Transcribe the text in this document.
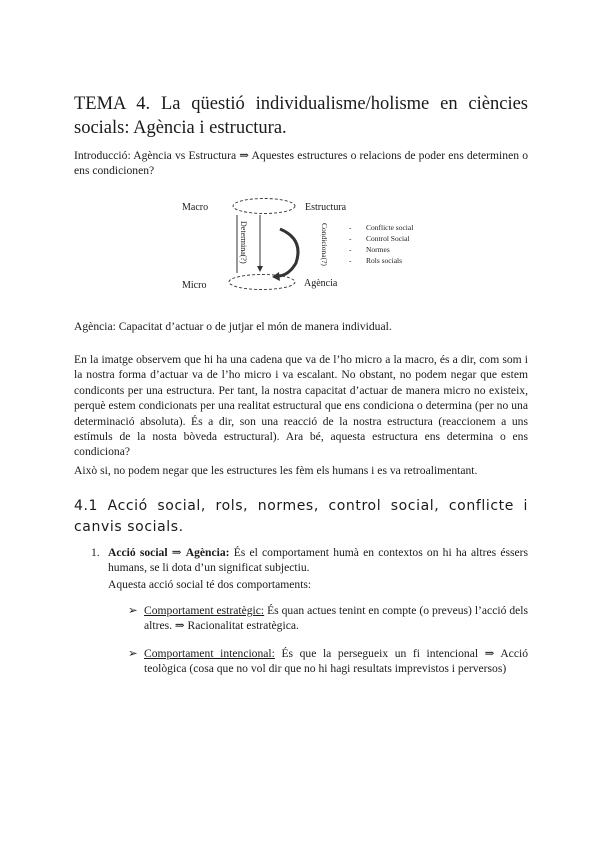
TEMA 4. La qüestió individualisme/holisme en ciències socials: Agència i estructura.

Introducció: Agència vs Estructura ⇒ Aquestes estructures o relacions de poder ens determinen o ens condicionen?

Macro	Estructura
Determina(?)	Condiciona(?)
Micro	Agència
- Conflicte social
- Control Social
- Normes
- Rols socials

Agència: Capacitat d’actuar o de jutjar el món de manera individual.

En la imatge observem que hi ha una cadena que va de l’ho micro a la macro, és a dir, com som i la nostra forma d’actuar va de l’ho micro i va escalant. No obstant, no podem negar que estem condiconts per una estructura. Per tant, la nostra capacitat d’actuar de manera micro no existeix, perquè estem condicionats per una realitat estructural que ens condiciona o determina (per no una determinació absoluta). És a dir, son una reacció de la nostra estructura (reaccionem a uns estímuls de la nosta bòveda estructural). Ara bé, aquesta estructura ens determina o ens condiciona?

Això si, no podem negar que les estructures les fèm els humans i es va retroalimentant.

4.1 Acció social, rols, normes, control social, conflicte i canvis socials.
1. Acció social ⇒ Agència: És el comportament humà en contextos on hi ha altres éssers humans, se li dota d’un significat subjectiu.
Aquesta acció social té dos comportaments:
➢ Comportament estratègic: És quan actues tenint en compte (o preveus) l’acció dels altres. ⇒ Racionalitat estratègica.
➢ Comportament intencional: És que la persegueix un fi intencional ⇒ Acció teològica (cosa que no vol dir que no hi hagi resultats imprevistos i perversos)
